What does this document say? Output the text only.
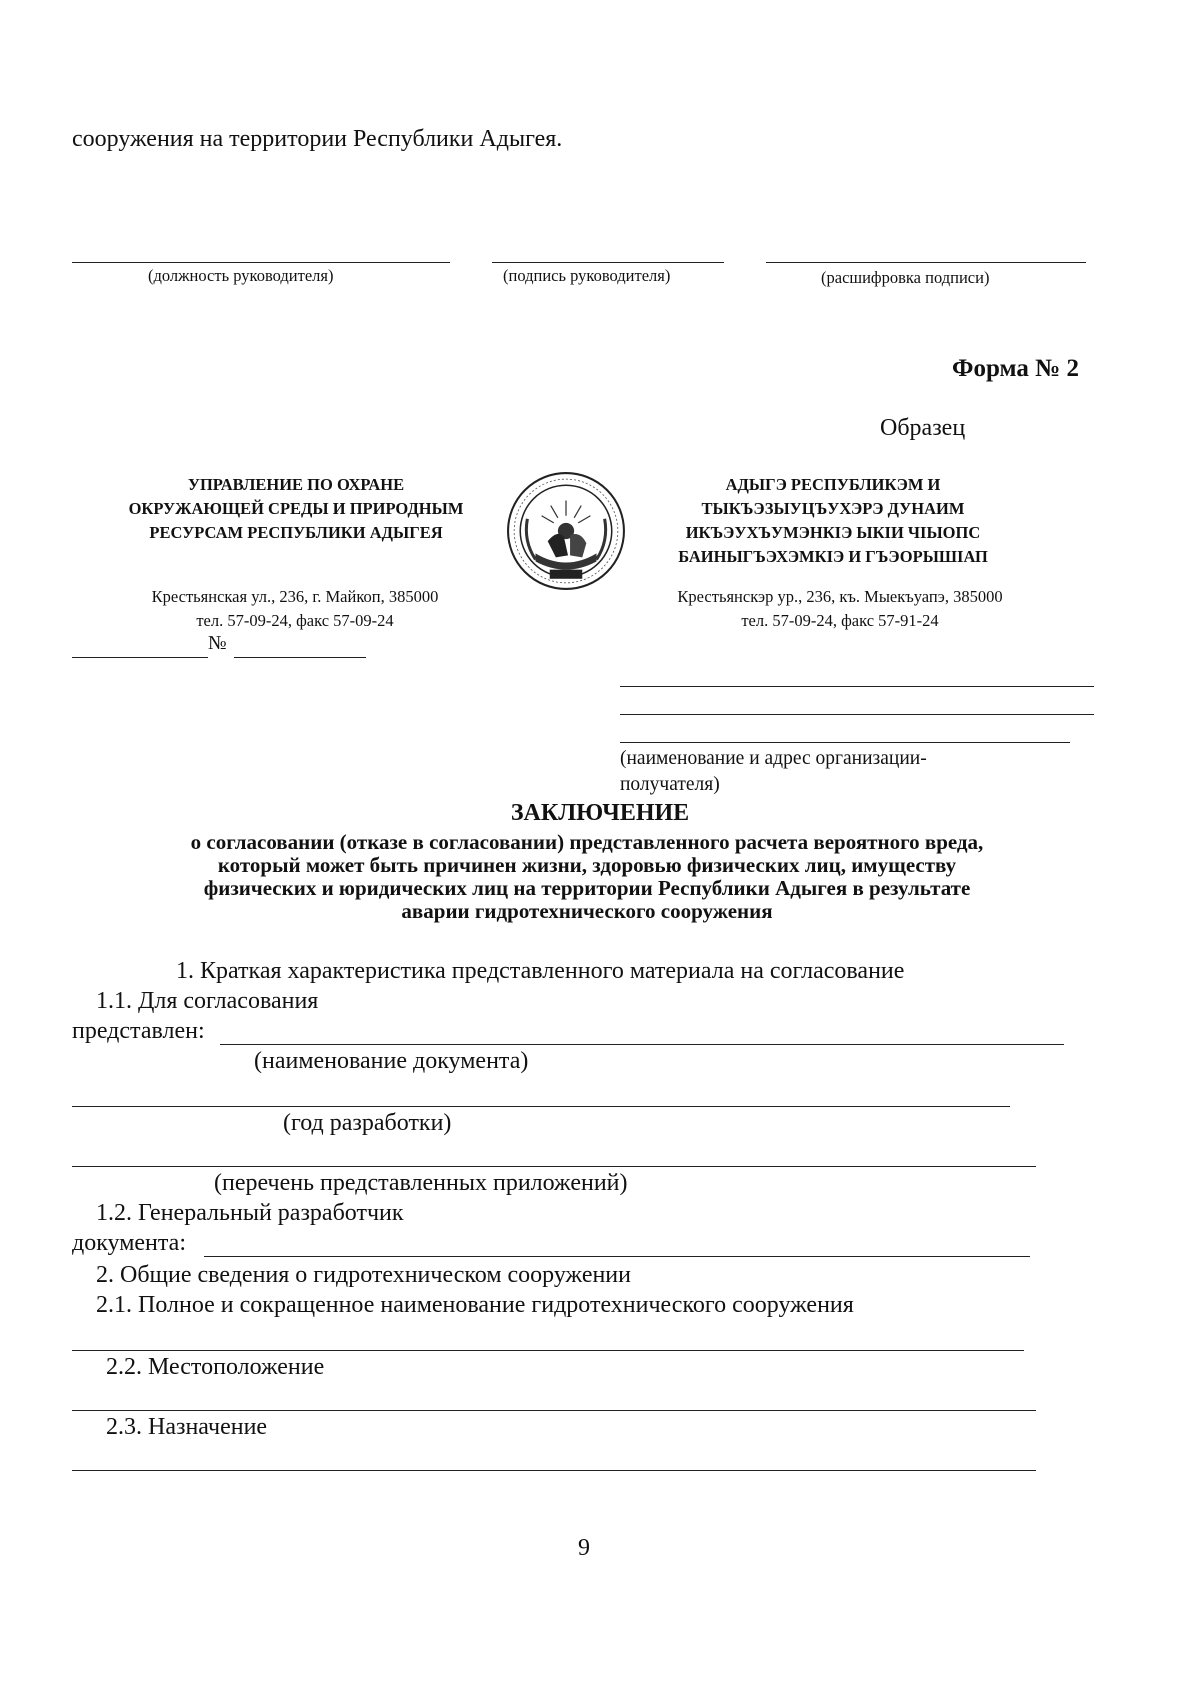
сооружения на территории Республики Адыгея.
(должность руководителя)	(подпись руководителя)	(расшифровка подписи)
Форма № 2
Образец
УПРАВЛЕНИЕ ПО ОХРАНЕ
ОКРУЖАЮЩЕЙ СРЕДЫ И ПРИРОДНЫМ
РЕСУРСАМ РЕСПУБЛИКИ АДЫГЕЯ
Крестьянская ул., 236, г. Майкоп, 385000
тел. 57-09-24, факс 57-09-24
№
АДЫГЭ РЕСПУБЛИКЭМ И
ТЫКЪЭЗЫУЦЪУХЭРЭ ДУНАИМ
ИКЪЭУХЪУМЭНКIЭ ЫКIИ ЧIЫОПС
БАИНЫГЪЭХЭМКIЭ И ГЪЭОРЫШIАП
Крестьянскэр ур., 236, къ. Мыекъуапэ, 385000
тел. 57-09-24, факс 57-91-24
(наименование и адрес организации-
получателя)
ЗАКЛЮЧЕНИЕ
о согласовании (отказе в согласовании) представленного расчета вероятного вреда,
который может быть причинен жизни, здоровью физических лиц, имуществу
физических и юридических лиц на территории Республики Адыгея в результате
аварии гидротехнического сооружения
1. Краткая характеристика представленного материала на согласование
1.1. Для согласования
представлен:
(наименование документа)
(год разработки)
(перечень представленных приложений)
1.2. Генеральный разработчик
документа:
2. Общие сведения о гидротехническом сооружении
2.1. Полное и сокращенное наименование гидротехнического сооружения
2.2. Местоположение
2.3. Назначение
9
